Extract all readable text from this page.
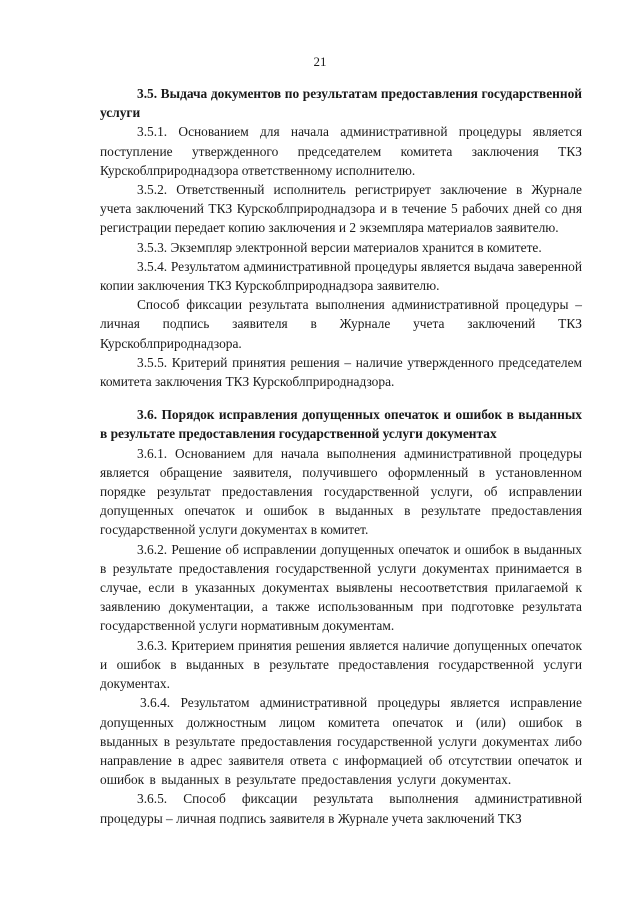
21
3.5. Выдача документов по результатам предоставления государственной услуги

3.5.1. Основанием для начала административной процедуры является поступление утвержденного председателем комитета заключения ТКЗ Курскоблприроднадзора ответственному исполнителю.

3.5.2. Ответственный исполнитель регистрирует заключение в Журнале учета заключений ТКЗ Курскоблприроднадзора и в течение 5 рабочих дней со дня регистрации передает копию заключения и 2 экземпляра материалов заявителю.

3.5.3. Экземпляр электронной версии материалов хранится в комитете.

3.5.4. Результатом административной процедуры является выдача заверенной копии заключения ТКЗ Курскоблприроднадзора заявителю.

Способ фиксации результата выполнения административной процедуры – личная подпись заявителя в Журнале учета заключений ТКЗ Курскоблприроднадзора.

3.5.5. Критерий принятия решения – наличие утвержденного председателем комитета заключения ТКЗ Курскоблприроднадзора.

3.6. Порядок исправления допущенных опечаток и ошибок в выданных в результате предоставления государственной услуги документах

3.6.1. Основанием для начала выполнения административной процедуры является обращение заявителя, получившего оформленный в установленном порядке результат предоставления государственной услуги, об исправлении допущенных опечаток и ошибок в выданных в результате предоставления государственной услуги документах в комитет.

3.6.2. Решение об исправлении допущенных опечаток и ошибок в выданных в результате предоставления государственной услуги документах принимается в случае, если в указанных документах выявлены несоответствия прилагаемой к заявлению документации, а также использованным при подготовке результата государственной услуги нормативным документам.

3.6.3. Критерием принятия решения является наличие допущенных опечаток и ошибок в выданных в результате предоставления государственной услуги документах.

3.6.4. Результатом административной процедуры является исправление допущенных должностным лицом комитета опечаток и (или) ошибок в выданных в результате предоставления государственной услуги документах либо направление в адрес заявителя ответа с информацией об отсутствии опечаток и ошибок в выданных в результате предоставления услуги документах.

3.6.5. Способ фиксации результата выполнения административной процедуры – личная подпись заявителя в Журнале учета заключений ТКЗ
